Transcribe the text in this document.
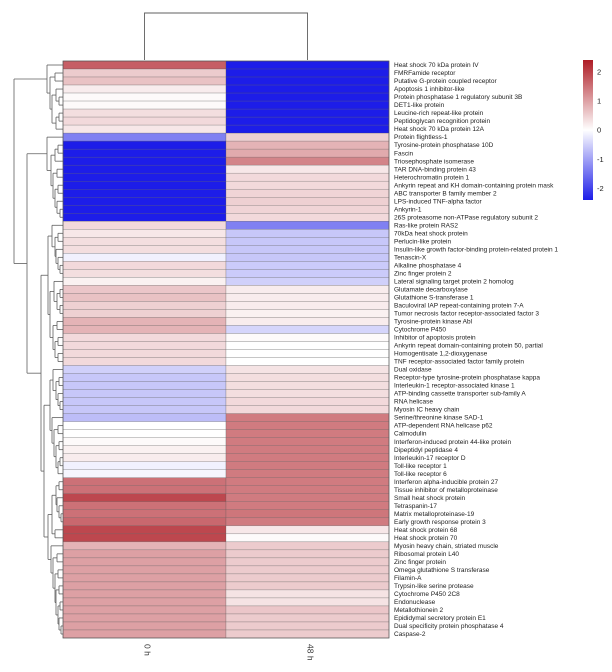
Heat shock 70 kDa protein IV
FMRFamide receptor
Putative G-protein coupled receptor
Apoptosis 1 inhibitor-like
Protein phosphatase 1 regulatory subunit 3B
DET1-like protein
Leucine-rich repeat-like protein
Peptidoglycan recognition protein
Heat shock 70 kDa protein 12A
Protein flightless-1
Tyrosine-protein phosphatase 10D
Fascin
Triosephosphate isomerase
TAR DNA-binding protein 43
Heterochromatin protein 1
Ankyrin repeat and KH domain-containing protein mask
ABC transporter B family member 2
LPS-induced TNF-alpha factor
Ankyrin-1
26S proteasome non-ATPase regulatory subunit 2
Ras-like protein RAS2
70kDa heat shock protein
Perlucin-like protein
Insulin-like growth factor-binding protein-related protein 1
Tenascin-X
Alkaline phosphatase 4
Zinc finger protein 2
Lateral signaling target protein 2 homolog
Glutamate decarboxylase
Glutathione S-transferase 1
Baculoviral IAP repeat-containing protein 7-A
Tumor necrosis factor receptor-associated factor 3
Tyrosine-protein kinase Abl
Cytochrome P450
Inhibitor of apoptosis protein
Ankyrin repeat domain-containing protein 50, partial
Homogentisate 1,2-dioxygenase
TNF receptor-associated factor family protein
Dual oxidase
Receptor-type tyrosine-protein phosphatase kappa
Interleukin-1 receptor-associated kinase 1
ATP-binding cassette transporter sub-family A
RNA helicase
Myosin IC heavy chain
Serine/threonine kinase SAD-1
ATP-dependent RNA helicase p62
Calmodulin
Interferon-induced protein 44-like protein
Dipeptidyl peptidase 4
Interleukin-17 receptor D
Toll-like receptor 1
Toll-like receptor 6
Interferon alpha-inducible protein 27
Tissue inhibitor of metalloproteinase
Small heat shock protein
Tetraspanin-17
Matrix metalloproteinase-19
Early growth response protein 3
Heat shock protein 68
Heat shock protein 70
Myosin heavy chain, striated muscle
Ribosomal protein L40
Zinc finger protein
Omega glutathione S transferase
Filamin-A
Trypsin-like serine protease
Cytochrome P450 2C8
Endonuclease
Metallothionein 2
Epididymal secretory protein E1
Dual specificity protein phosphatase 4
Caspase-2
0 h	48 h
2
1
0
-1
-2
